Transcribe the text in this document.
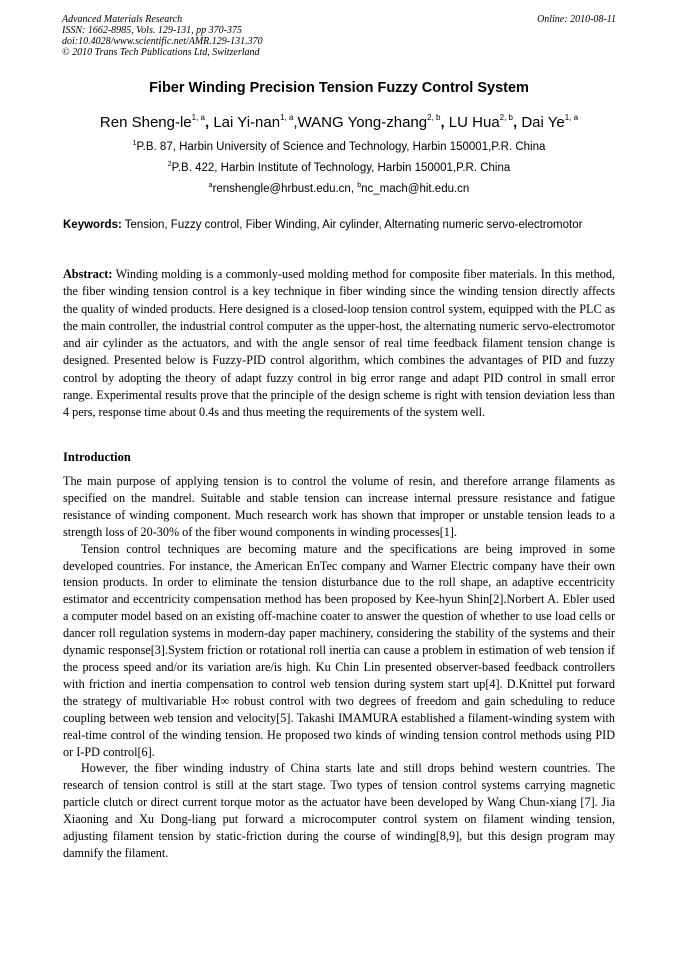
Advanced Materials Research
ISSN: 1662-8985, Vols. 129-131, pp 370-375
doi:10.4028/www.scientific.net/AMR.129-131.370
© 2010 Trans Tech Publications Ltd, Switzerland
Online: 2010-08-11
Fiber Winding Precision Tension Fuzzy Control System
Ren Sheng-le$^{1, a}$, Lai Yi-nan$^{1, a}$,WANG Yong-zhang$^{2, b}$, LU Hua$^{2, b}$, Dai Ye$^{1, a}$
$^1$P.B. 87, Harbin University of Science and Technology, Harbin 150001,P.R. China
$^2$P.B. 422, Harbin Institute of Technology, Harbin 150001,P.R. China
$^a$renshengle@hrbust.edu.cn, $^b$nc_mach@hit.edu.cn
Keywords: Tension, Fuzzy control, Fiber Winding, Air cylinder, Alternating numeric servo-electromotor
Abstract: Winding molding is a commonly-used molding method for composite fiber materials. In this method, the fiber winding tension control is a key technique in fiber winding since the winding tension directly affects the quality of winded products. Here designed is a closed-loop tension control system, equipped with the PLC as the main controller, the industrial control computer as the upper-host, the alternating numeric servo-electromotor and air cylinder as the actuators, and with the angle sensor of real time feedback filament tension change is designed. Presented below is Fuzzy-PID control algorithm, which combines the advantages of PID and fuzzy control by adopting the theory of adapt fuzzy control in big error range and adapt PID control in small error range. Experimental results prove that the principle of the design scheme is right with tension deviation less than 4 pers, response time about 0.4s and thus meeting the requirements of the system well.
Introduction

The main purpose of applying tension is to control the volume of resin, and therefore arrange filaments as specified on the mandrel. Suitable and stable tension can increase internal pressure resistance and fatigue resistance of winding component. Much research work has shown that improper or unstable tension leads to a strength loss of 20-30% of the fiber wound components in winding processes[1].

Tension control techniques are becoming mature and the specifications are being improved in some developed countries. For instance, the American EnTec company and Warner Electric company have their own tension products. In order to eliminate the tension disturbance due to the roll shape, an adaptive eccentricity estimator and eccentricity compensation method has been proposed by Kee-hyun Shin[2].Norbert A. Ebler used a computer model based on an existing off-machine coater to answer the question of whether to use load cells or dancer roll regulation systems in modern-day paper machinery, considering the stability of the systems and their dynamic response[3].System friction or rotational roll inertia can cause a problem in estimation of web tension if the process speed and/or its variation are/is high. Ku Chin Lin presented observer-based feedback controllers with friction and inertia compensation to control web tension during system start up[4]. D.Knittel put forward the strategy of multivariable H∞ robust control with two degrees of freedom and gain scheduling to reduce coupling between web tension and velocity[5]. Takashi IMAMURA established a filament-winding system with real-time control of the winding tension. He proposed two kinds of winding tension control methods using PID or I-PD control[6].

However, the fiber winding industry of China starts late and still drops behind western countries. The research of tension control is still at the start stage. Two types of tension control systems carrying magnetic particle clutch or direct current torque motor as the actuator have been developed by Wang Chun-xiang [7]. Jia Xiaoning and Xu Dong-liang put forward a microcomputer control system on filament winding tension, adjusting filament tension by static-friction during the course of winding[8,9], but this design program may damnify the filament.
